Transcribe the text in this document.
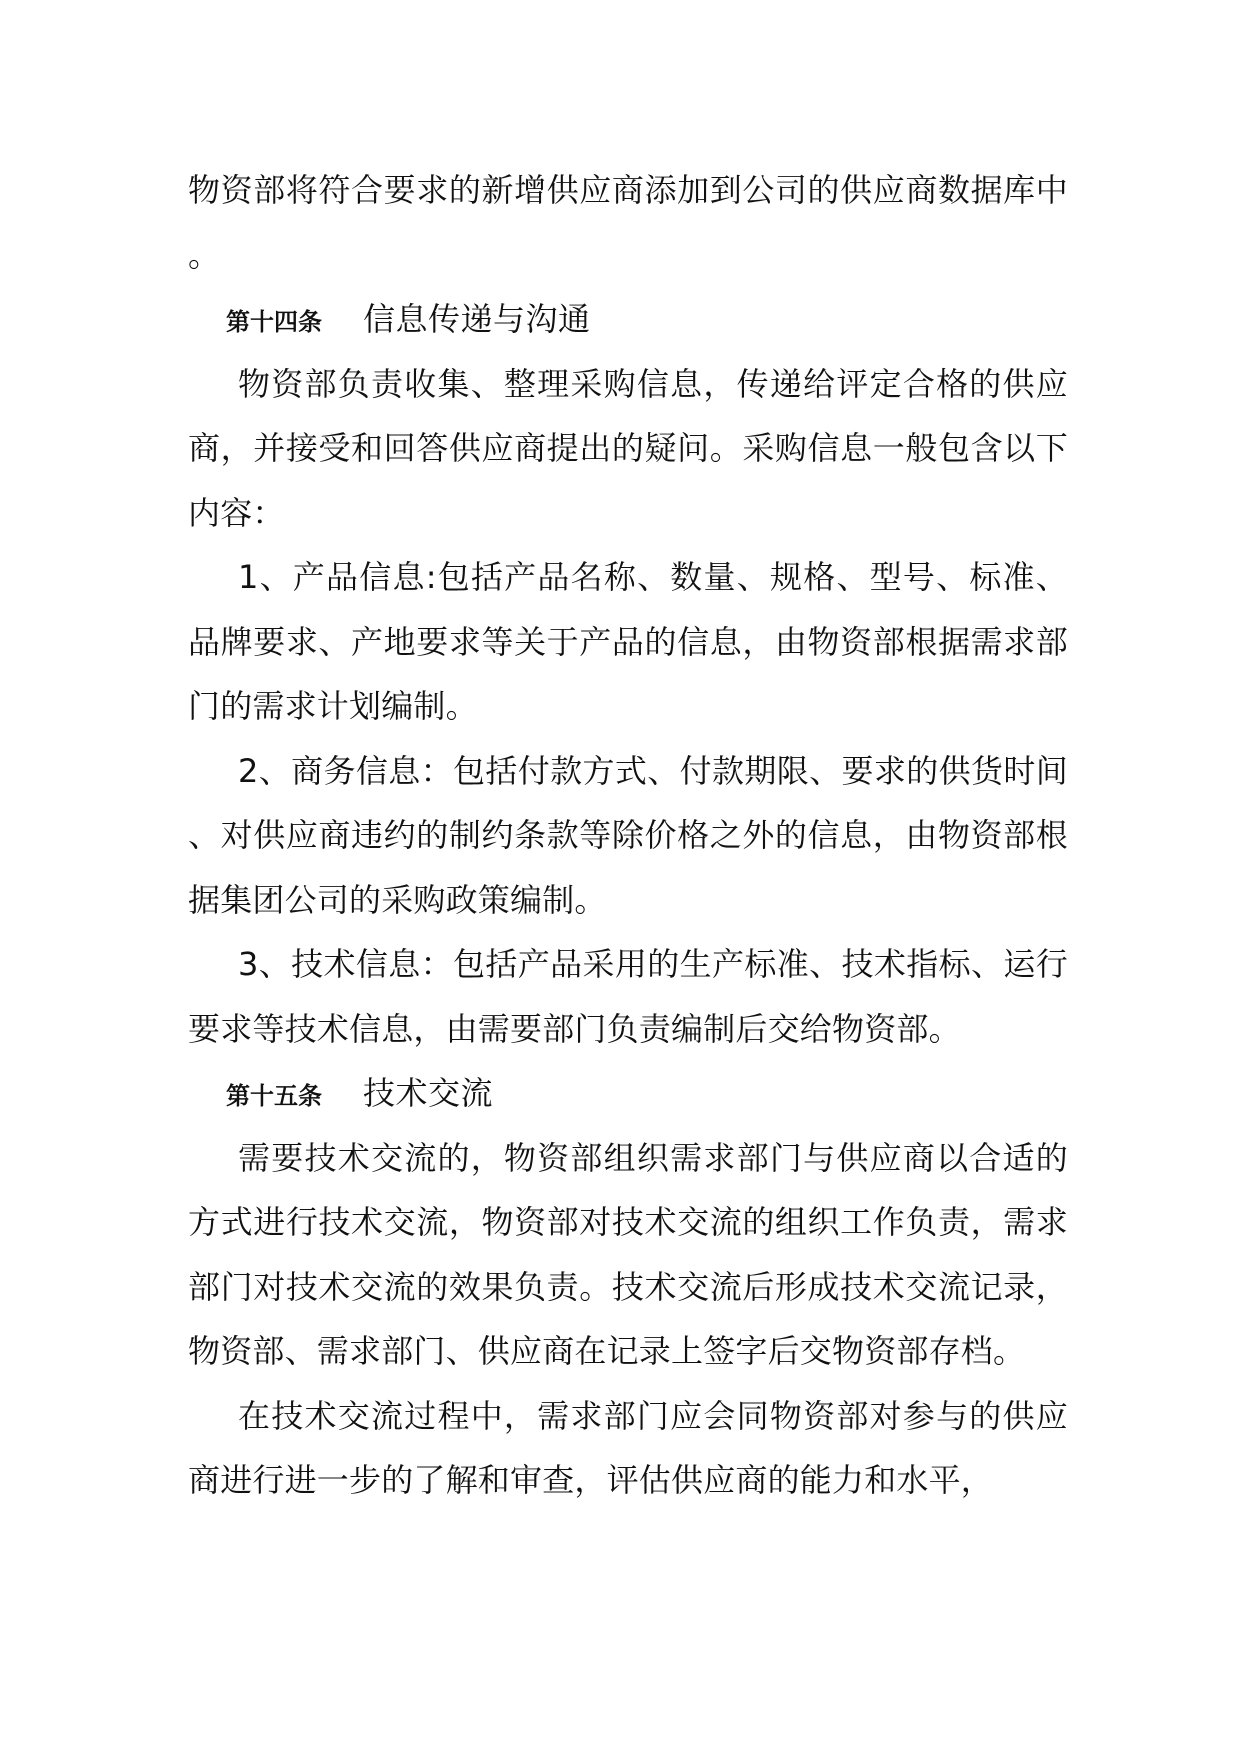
物资部将符合要求的新增供应商添加到公司的供应商数据库中。

第十四条	信息传递与沟通

物资部负责收集、整理采购信息，传递给评定合格的供应商，并接受和回答供应商提出的疑问。采购信息一般包含以下内容：

1、产品信息:包括产品名称、数量、规格、型号、标准、品牌要求、产地要求等关于产品的信息，由物资部根据需求部门的需求计划编制。

2、商务信息：包括付款方式、付款期限、要求的供货时间、对供应商违约的制约条款等除价格之外的信息，由物资部根据集团公司的采购政策编制。

3、技术信息：包括产品采用的生产标准、技术指标、运行要求等技术信息，由需要部门负责编制后交给物资部。

第十五条	技术交流

需要技术交流的，物资部组织需求部门与供应商以合适的方式进行技术交流，物资部对技术交流的组织工作负责，需求部门对技术交流的效果负责。技术交流后形成技术交流记录，物资部、需求部门、供应商在记录上签字后交物资部存档。

在技术交流过程中，需求部门应会同物资部对参与的供应商进行进一步的了解和审查，评估供应商的能力和水平，
